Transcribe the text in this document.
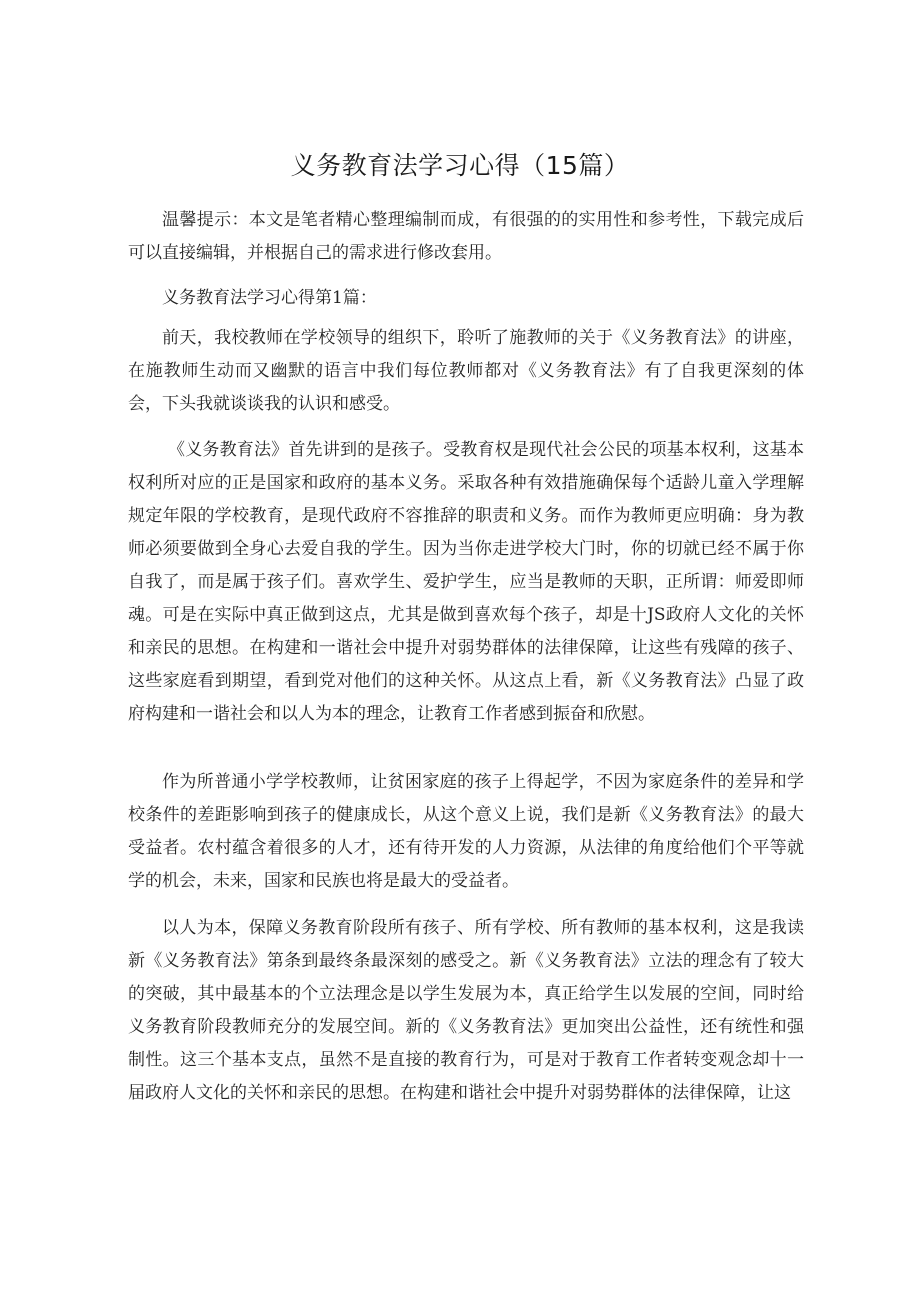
义务教育法学习心得（15篇）

温馨提示：本文是笔者精心整理编制而成，有很强的的实用性和参考性，下载完成后可以直接编辑，并根据自己的需求进行修改套用。

义务教育法学习心得第1篇：

前天，我校教师在学校领导的组织下，聆听了施教师的关于《义务教育法》的讲座，在施教师生动而又幽默的语言中我们每位教师都对《义务教育法》有了自我更深刻的体会，下头我就谈谈我的认识和感受。

《义务教育法》首先讲到的是孩子。受教育权是现代社会公民的项基本权利，这基本权利所对应的正是国家和政府的基本义务。采取各种有效措施确保每个适龄儿童入学理解规定年限的学校教育，是现代政府不容推辞的职责和义务。而作为教师更应明确：身为教师必须要做到全身心去爱自我的学生。因为当你走进学校大门时，你的切就已经不属于你自我了，而是属于孩子们。喜欢学生、爱护学生，应当是教师的天职，正所谓：师爱即师魂。可是在实际中真正做到这点，尤其是做到喜欢每个孩子，却是十JS政府人文化的关怀和亲民的思想。在构建和一谐社会中提升对弱势群体的法律保障，让这些有残障的孩子、这些家庭看到期望，看到党对他们的这种关怀。从这点上看，新《义务教育法》凸显了政府构建和一谐社会和以人为本的理念，让教育工作者感到振奋和欣慰。

作为所普通小学学校教师，让贫困家庭的孩子上得起学，不因为家庭条件的差异和学校条件的差距影响到孩子的健康成长，从这个意义上说，我们是新《义务教育法》的最大受益者。农村蕴含着很多的人才，还有待开发的人力资源，从法律的角度给他们个平等就学的机会，未来，国家和民族也将是最大的受益者。

以人为本，保障义务教育阶段所有孩子、所有学校、所有教师的基本权利，这是我读新《义务教育法》第条到最终条最深刻的感受之。新《义务教育法》立法的理念有了较大的突破，其中最基本的个立法理念是以学生发展为本，真正给学生以发展的空间，同时给义务教育阶段教师充分的发展空间。新的《义务教育法》更加突出公益性，还有统性和强制性。这三个基本支点，虽然不是直接的教育行为，可是对于教育工作者转变观念却十一届政府人文化的关怀和亲民的思想。在构建和谐社会中提升对弱势群体的法律保障，让这
